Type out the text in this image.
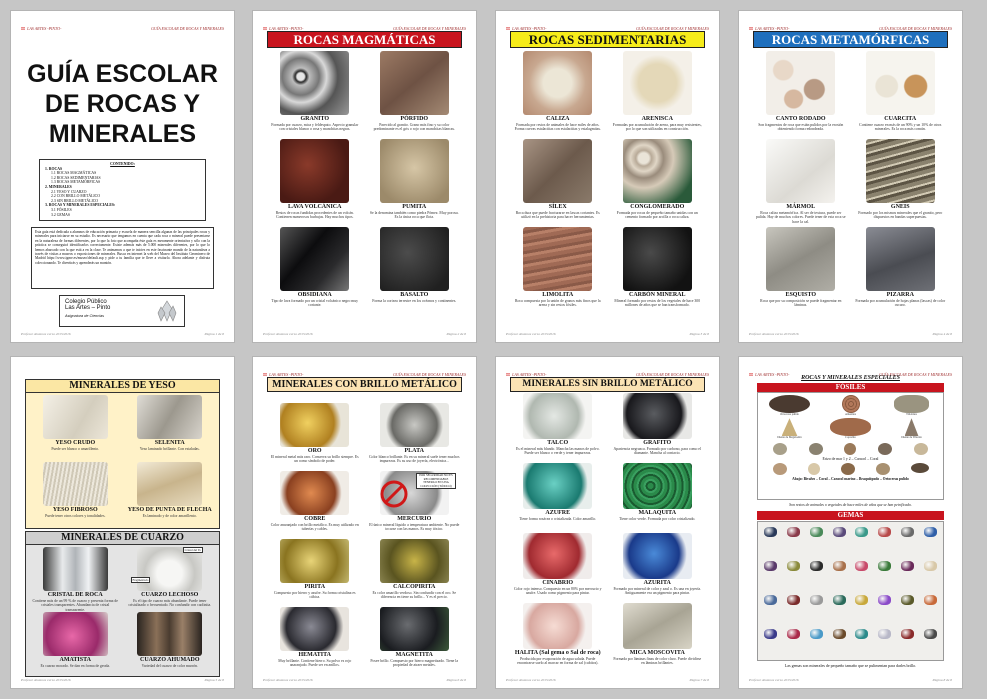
ʬʬ LAS ARTES -PINTO-	GUÍA ESCOLAR DE ROCAS Y MINERALES
GUÍA ESCOLAR DE ROCAS Y MINERALES
CONTENIDO:
1. ROCAS
1.1 ROCAS MAGMÁTICAS
1.2 ROCAS SEDIMENTARIAS
1.3 ROCAS METAMÓRFICAS
2. MINERALES
2.1 YESO Y CUARZO
2.2 CON BRILLO METÁLICO
2.3 SIN BRILLO METÁLICO
3. ROCAS Y MINERALES ESPECIALES:
3.1 FÓSILES
3.2 GEMAS
Esta guía está dedicada a alumnos de educación primaria y escuela de manera sencilla algunas de las principales rocas y minerales para iniciarse en su estudio. Es necesario que tengamos en cuenta que cada roca o mineral puede presentarse en la naturaleza de formas diferentes, por lo que la foto que acompaña éste guía es meramente orientativa y sólo con la práctica se conseguirá identificarlos correctamente. Existe además más de 5.000 minerales diferentes, por lo que lo hemos abarcado con la que está a en la clase. Te animamos a que te inicies en este fascinante mundo de la naturaleza a través de visitas a museos o exposiciones de minerales. Busca en internet la web del Museo del Instituto Geominero de Madrid https://www.igme.es/museo/default.asp y pide a tu familia que te lleve a visitarlo. Ahora adelante y disfruta coleccionando. Te divertirás y aprenderás un montón.
Colegio Público
Las Artes – Pinto
Asignatura de Ciencias
Profesor Alumnos curso 2015/2016	Página 1 de 8
ʬʬ LAS ARTES -PINTO-	GUÍA ESCOLAR DE ROCAS Y MINERALES
ROCAS MAGMÁTICAS
GRANITO
Formada por cuarzo, mica y feldespato. Aspecto granular con cristales blanco o rosa y manchitas negras.
PÓRFIDO
Parecido al granito. Grano más fino y su color predominante es el gris o rojo con manchitas blancas.
LAVA VOLCÁNICA
Restos de rocas fundidas procedentes de un volcán. Contienen numerosos burbujas. Hay muchos tipos.
PUMITA
Se la denomina también como piedra Pómez. Muy porosa. Es la única roca que flota.
OBSIDIANA
Tipo de lava formado por un cristal volcánico negro muy cortante.
BASALTO
Forma la corteza terrestre en los océanos y continentes.
Profesor Alumnos curso 2015/2016	Página 2 de 8
ʬʬ LAS ARTES -PINTO-	GUÍA ESCOLAR DE ROCAS Y MINERALES
ROCAS SEDIMENTARIAS
CALIZA
Formada por restos de animales de hace miles de años. Forma cuevas estalactitas con estalactitas y estalagmitas.
ARENISCA
Formadas por acumulación de arena, para muy resistentes, por lo que son utilizadas en construcción.
SÍLEX
Roca dura que puede fracturarse en lascas cortantes. Es utilizó en la prehistoria para hacer herramientas.
CONGLOMERADO
Formada por rocas de pequeño tamaño unidas con un cemento formado por arcilla o roca caliza.
LIMOLITA
Roca compuesta por la unión de granos más finos que la arena y sin restos fósiles.
CARBÓN MINERAL
Mineral formado por restos de los vegetales de hace 300 millones de años que se han transformado.
Profesor Alumnos curso 2015/2016	Página 3 de 8
ʬʬ LAS ARTES -PINTO-	GUÍA ESCOLAR DE ROCAS Y MINERALES
ROCAS METAMÓRFICAS
CANTO RODADO
Son fragmentos de roca que están pulidos por la erosión obteniendo forma redondeada.
CUARCITA
Contiene cuarzo en más de un 90% y un 10% de otros minerales. Es la roca más común.
MÁRMOL
Roca caliza metamórfica. Al ser de textura, puede ser pulida. Hay de muchos colores. Puede tener de esta roca se hace la cal.
GNEIS
Formado por los mismos minerales que el granito, pero dispuestos en bandas superpuestas.
ESQUISTO
Roca que por su composición se puede fragmentar en láminas.
PIZARRA
Formada por acumulación de hojas planas (lascas) de color oscuro.
Profesor Alumnos curso 2015/2016	Página 4 de 8
MINERALES DE YESO
YESO CRUDO
Puede ser blanco o amarillento.
SELENITA
Yeso laminado brillante. Con estaladas.
YESO FIBROSO
Puede tener otros colores y tonalidades.
YESO DE PUNTA DE FLECHA
Es laminado y de color amarillento.
MINERALES DE CUARZO
CRISTAL DE ROCA
Contiene más de un 99 % de cuarzo y presenta forma de cristales transparentes. Abundancia de cristal transparente.
CUARZO LECHOSO
Es el tipo de cuarzo más abundante. Puede tener cristalizado o frecuentado. No confundir con caolinita.
Cristal del Yo
Fragmentado
AMATISTA
Es cuarzo morado. Se dan en forma de geoda.
CUARZO AHUMADO
Variedad del cuarzo de color marrón.
Profesor Alumnos curso 2015/2016	Página 5 de 8
ʬʬ LAS ARTES -PINTO-	GUÍA ESCOLAR DE ROCAS Y MINERALES
MINERALES CON BRILLO METÁLICO
ORO
El mineral metal más raro. Conserva su brillo siempre. Es un como símbolo de poder.
PLATA
Color blanco brillante. Es en su mineral suele tener muchos impurezas. Es su uso de joyería, electrónica...
COBRE
Color anaranjado con brillo metálico. Es muy utilizado en tuberías y cables.
POR SEGURIDAD NO ES RECOMENDABLE TENERLO EN UNA COLECCIÓN (TÓXICO)
MERCURIO
El único mineral líquido a temperatura ambiente. No puede tocarse con las manos. Es muy tóxico.
PIRITA
Compuesto por hierro y azufre. Su forma cristalina es cúbica.
CALCOPIRITA
Es color amarillo verdoso. Sin confundir con el oro. Se diferencia en tiene su brillo... Y es el precio.
HEMATITA
Muy brillante. Contiene hierro. Su polvo es rojo anaranjado. Puede ser en anillos.
MAGNETITA
Posee brillo. Compuesto por hierro magnetizado. Tiene la propiedad de atraer metales.
Profesor Alumnos curso 2015/2016	Página 6 de 8
ʬʬ LAS ARTES -PINTO-	GUÍA ESCOLAR DE ROCAS Y MINERALES
MINERALES SIN BRILLO METÁLICO
TALCO
Es el mineral más blando. Mancha las manos de polvo. Puede ser blanco o verde y tener impurezas.
GRAFITO
Apariencia negruzca. Formado por carbono, para como el diamante. Mancha al contacto.
AZUFRE
Tiene forma rosácea o cristalizada. Color amarillo.
MALAQUITA
Tiene color verde. Formada por color cristalizado.
CINABRIO
Color rojo intenso. Compuesto en un 80% por mercurio y azufre. Usado como pigmento para pintar.
AZURITA
Formado por mineral de color y azul o. Es una en joyería. Antiguamente era un pigmento para pintar.
HALITA (Sal gema o Sal de roca)
Producida por evaporación de agua salada. Puede encontrarse suelo al marcar en forma de sal (cubitos).
MICA MOSCOVITA
Formada por láminas finas de color claro. Puede dividirse en láminas brillantes.
Profesor Alumnos curso 2015/2016	Página 7 de 8
ʬʬ LAS ARTES -PINTO-	GUÍA ESCOLAR DE ROCAS Y MINERALES
ROCAS Y MINERALES ESPECIALES
FÓSILES
Ortoceras pulido	Amonites	Trilobites
Diente de Megalodón	Coprolito	Diente de Tiburón
Erizo de mar 1 y 2 – Caracol – Coral
Abajo: Bivalvo – Coral – Caracol marino – Braquiópodo – Ortoceras pulido
Son restos de animales o vegetales de hace miles de años que se han petrificado.
GEMAS
Las gemas son minerales de pequeño tamaño que se pulimentan para darles brillo.
Profesor Alumnos curso 2015/2016	Página 8 de 8
